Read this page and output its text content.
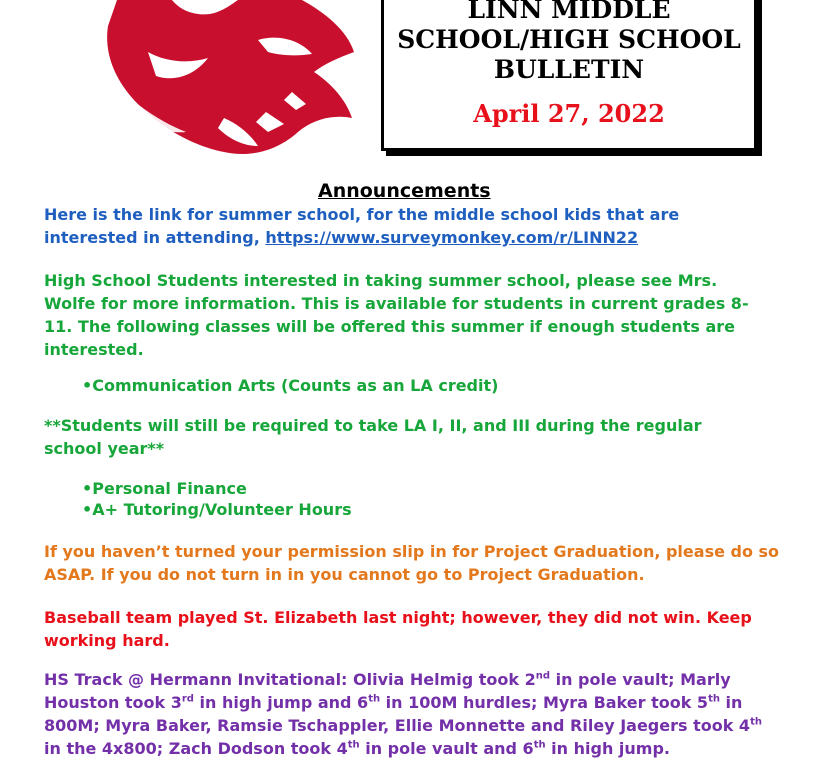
LINN MIDDLE
SCHOOL/HIGH SCHOOL
BULLETIN
April 27, 2022
Announcements

Here is the link for summer school, for the middle school kids that are interested in attending, https://www.surveymonkey.com/r/LINN22

High School Students interested in taking summer school, please see Mrs. Wolfe for more information. This is available for students in current grades 8-11. The following classes will be offered this summer if enough students are interested.

•Communication Arts (Counts as an LA credit)

**Students will still be required to take LA I, II, and III during the regular school year**

•Personal Finance
•A+ Tutoring/Volunteer Hours

If you haven’t turned your permission slip in for Project Graduation, please do so ASAP. If you do not turn in in you cannot go to Project Graduation.

Baseball team played St. Elizabeth last night; however, they did not win. Keep working hard.

HS Track @ Hermann Invitational: Olivia Helmig took 2nd in pole vault; Marly Houston took 3rd in high jump and 6th in 100M hurdles; Myra Baker took 5th in 800M; Myra Baker, Ramsie Tschappler, Ellie Monnette and Riley Jaegers took 4th in the 4x800; Zach Dodson took 4th in pole vault and 6th in high jump.
